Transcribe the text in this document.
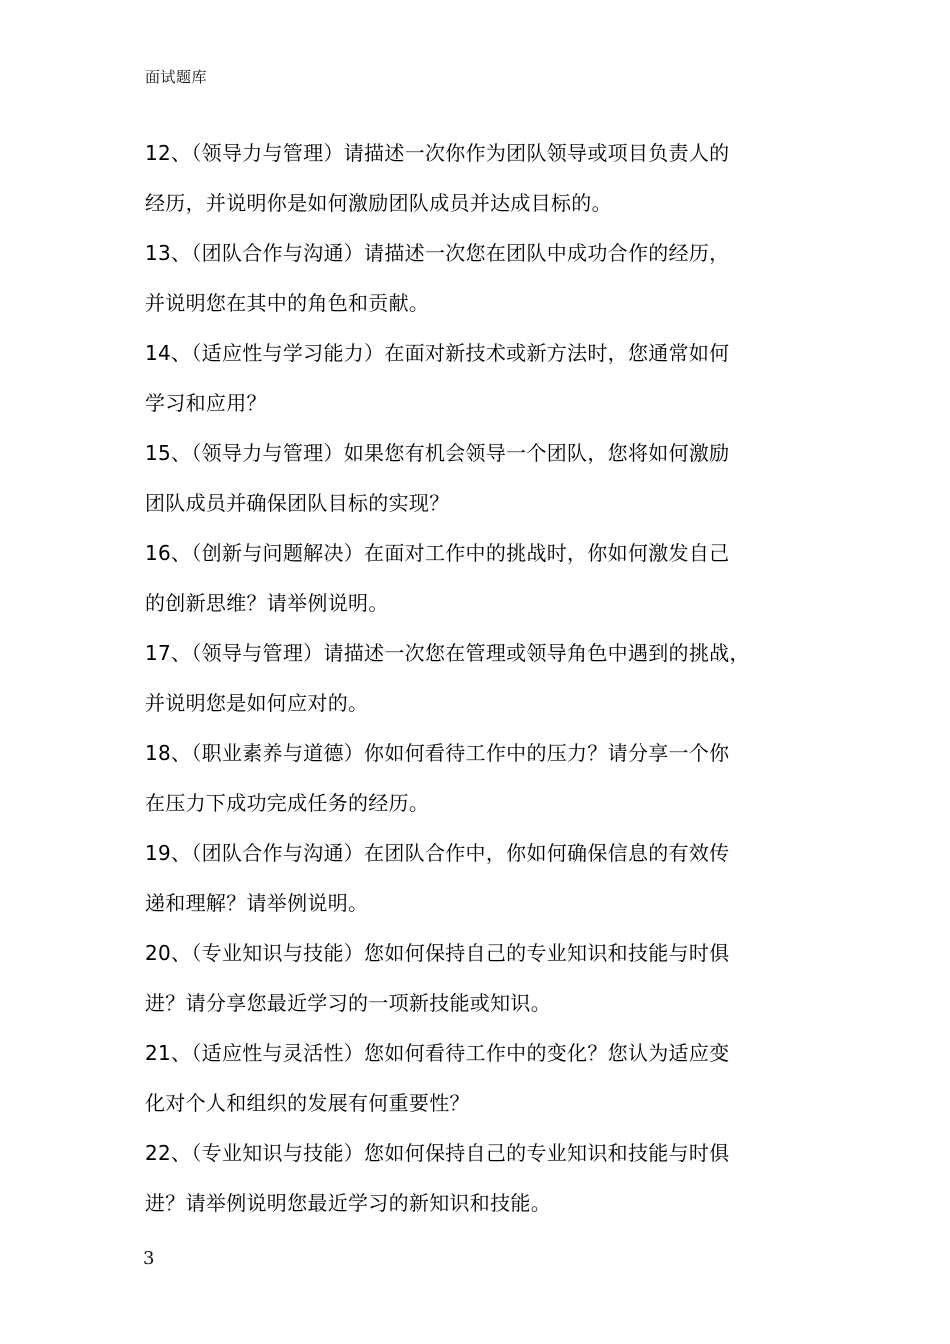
面试题库
12、（领导力与管理）请描述一次你作为团队领导或项目负责人的
经历，并说明你是如何激励团队成员并达成目标的。
13、（团队合作与沟通）请描述一次您在团队中成功合作的经历，
并说明您在其中的角色和贡献。
14、（适应性与学习能力）在面对新技术或新方法时，您通常如何
学习和应用？
15、（领导力与管理）如果您有机会领导一个团队，您将如何激励
团队成员并确保团队目标的实现？
16、（创新与问题解决）在面对工作中的挑战时，你如何激发自己
的创新思维？请举例说明。
17、（领导与管理）请描述一次您在管理或领导角色中遇到的挑战，
并说明您是如何应对的。
18、（职业素养与道德）你如何看待工作中的压力？请分享一个你
在压力下成功完成任务的经历。
19、（团队合作与沟通）在团队合作中，你如何确保信息的有效传
递和理解？请举例说明。
20、（专业知识与技能）您如何保持自己的专业知识和技能与时俱
进？请分享您最近学习的一项新技能或知识。
21、（适应性与灵活性）您如何看待工作中的变化？您认为适应变
化对个人和组织的发展有何重要性？
22、（专业知识与技能）您如何保持自己的专业知识和技能与时俱
进？请举例说明您最近学习的新知识和技能。
3
